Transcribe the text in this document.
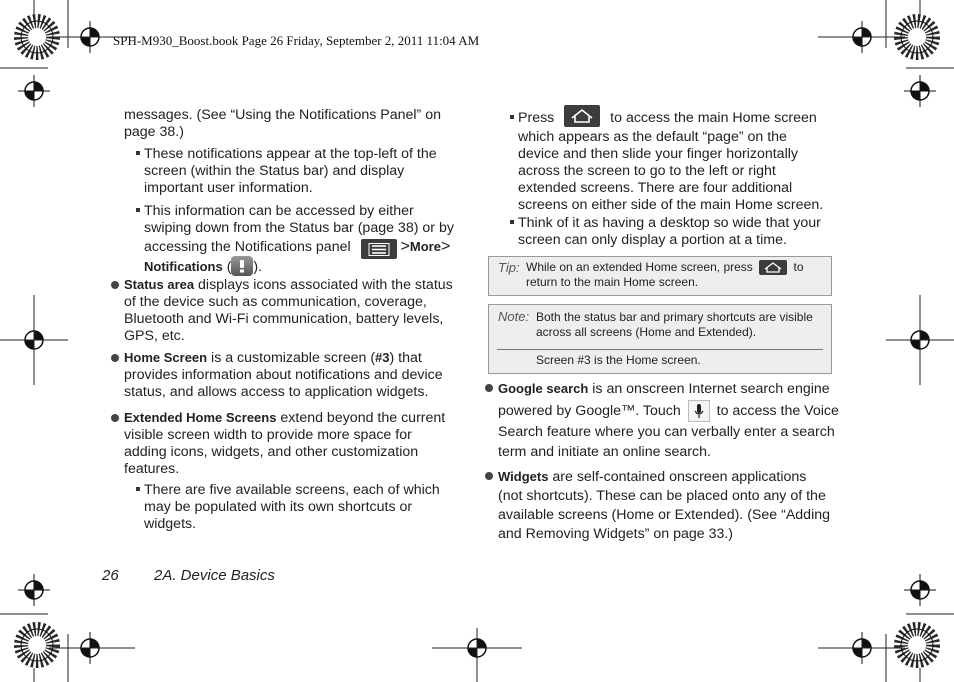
SPH-M930_Boost.book Page 26 Friday, September 2, 2011 11:04 AM
messages. (See “Using the Notifications Panel” on
page 38.)
These notifications appear at the top-left of the
screen (within the Status bar) and display
important user information.
This information can be accessed by either
swiping down from the Status bar (page 38) or by
accessing the Notifications panel	>More>
Notifications ( ).
Status area displays icons associated with the status
of the device such as communication, coverage,
Bluetooth and Wi-Fi communication, battery levels,
GPS, etc.
Home Screen is a customizable screen (#3) that
provides information about notifications and device
status, and allows access to application widgets.
Extended Home Screens extend beyond the current
visible screen width to provide more space for
adding icons, widgets, and other customization
features.
There are five available screens, each of which
may be populated with its own shortcuts or
widgets.
Press	to access the main Home screen
which appears as the default “page” on the
device and then slide your finger horizontally
across the screen to go to the left or right
extended screens. There are four additional
screens on either side of the main Home screen.
Think of it as having a desktop so wide that your
screen can only display a portion at a time.
Tip: While on an extended Home screen, press	to
return to the main Home screen.
Note: Both the status bar and primary shortcuts are visible
across all screens (Home and Extended).
Screen #3 is the Home screen.
Google search is an onscreen Internet search engine
powered by Google™. Touch	to access the Voice
Search feature where you can verbally enter a search
term and initiate an online search.
Widgets are self-contained onscreen applications
(not shortcuts). These can be placed onto any of the
available screens (Home or Extended). (See “Adding
and Removing Widgets” on page 33.)
26 2A. Device Basics
